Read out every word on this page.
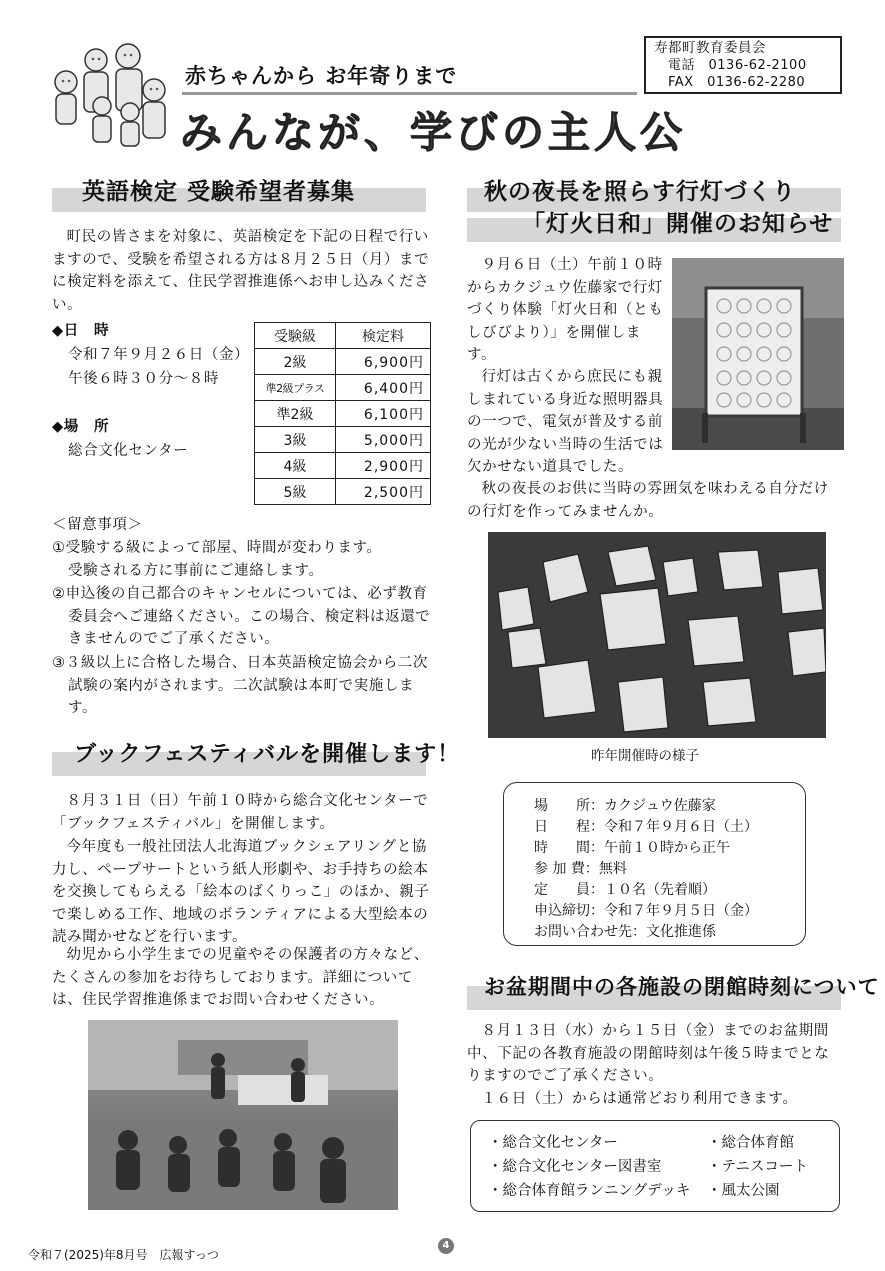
赤ちゃんから お年寄りまで
みんなが、学びの主人公
寿都町教育委員会
電話　0136-62-2100
FAX　0136-62-2280
英語検定 受験希望者募集

町民の皆さまを対象に、英語検定を下記の日程で行いますので、受験を希望される方は８月２５日（月）までに検定料を添えて、住民学習推進係へお申し込みください。

◆日　時
令和７年９月２６日（金）
午後６時３０分～８時
◆場　所
総合文化センター
受験級	検定料
2級	6,900円
準2級プラス	6,400円
準2級	6,100円
3級	5,000円
4級	2,900円
5級	2,500円
＜留意事項＞
①受験する級によって部屋、時間が変わります。
受験される方に事前にご連絡します。

②申込後の自己都合のキャンセルについては、必ず教育委員会へご連絡ください。この場合、検定料は返還できませんのでご了承ください。

③３級以上に合格した場合、日本英語検定協会から二次試験の案内がされます。二次試験は本町で実施します。

ブックフェスティバルを開催します！

８月３１日（日）午前１０時から総合文化センターで「ブックフェスティバル」を開催します。

今年度も一般社団法人北海道ブックシェアリングと協力し、ペープサートという紙人形劇や、お手持ちの絵本を交換してもらえる「絵本のばくりっこ」のほか、親子で楽しめる工作、地域のボランティアによる大型絵本の読み聞かせなどを行います。

幼児から小学生までの児童やその保護者の方々など、たくさんの参加をお待ちしております。詳細については、住民学習推進係までお問い合わせください。

秋の夜長を照らす行灯づくり
「灯火日和」開催のお知らせ

９月６日（土）午前１０時からカクジュウ佐藤家で行灯づくり体験「灯火日和（ともしびびより）」を開催します。

行灯は古くから庶民にも親しまれている身近な照明器具の一つで、電気が普及する前の光が少ない当時の生活では欠かせない道具でした。

秋の夜長のお供に当時の雰囲気を味わえる自分だけの行灯を作ってみませんか。

昨年開催時の様子
場　　所：カクジュウ佐藤家
日　　程：令和７年９月６日（土）
時　　間：午前１０時から正午
参 加 費：無料
定　　員：１０名（先着順）
申込締切：令和７年９月５日（金）
お問い合わせ先：文化推進係
お盆期間中の各施設の閉館時刻について

８月１３日（水）から１５日（金）までのお盆期間中、下記の各教育施設の閉館時刻は午後５時までとなりますのでご了承ください。

１６日（土）からは通常どおり利用できます。

・総合文化センター
・総合文化センター図書室
・総合体育館ランニングデッキ
・総合体育館
・テニスコート
・風太公園
令和７(2025)年8月号　広報すっつ
4
